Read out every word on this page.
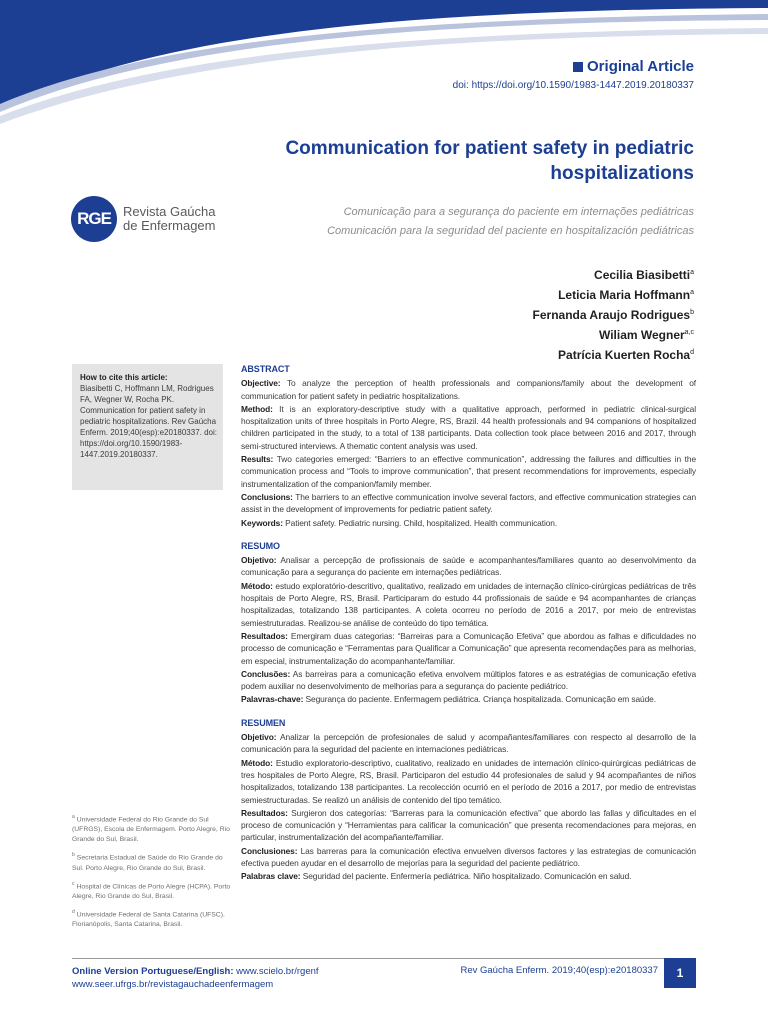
Original Article
doi: https://doi.org/10.1590/1983-1447.2019.20180337
Communication for patient safety in pediatric hospitalizations
Comunicação para a segurança do paciente em internações pediátricas
Comunicación para la seguridad del paciente en hospitalización pediátricas
RGE Revista Gaúcha
de Enfermagem
Cecilia Biasibetti$^a$
Leticia Maria Hoffmann$^a$
Fernanda Araujo Rodrigues$^b$
Wiliam Wegner$^{a,c}$
Patrícia Kuerten Rocha$^d$
How to cite this article:
Biasibetti C, Hoffmann LM, Rodrigues FA, Wegner W, Rocha PK. Communication for patient safety in pediatric hospitalizations. Rev Gaúcha Enferm. 2019;40(esp):e20180337. doi: https://doi.org/10.1590/1983-1447.2019.20180337.
ABSTRACT

Objective: To analyze the perception of health professionals and companions/family about the development of communication for patient safety in pediatric hospitalizations.

Method: It is an exploratory-descriptive study with a qualitative approach, performed in pediatric clinical-surgical hospitalization units of three hospitals in Porto Alegre, RS, Brazil. 44 health professionals and 94 companions of hospitalized children participated in the study, to a total of 138 participants. Data collection took place between 2016 and 2017, through semi-structured interviews. A thematic content analysis was used.

Results: Two categories emerged: “Barriers to an effective communication”, addressing the failures and difficulties in the communication process and “Tools to improve communication”, that present recommendations for improvements, especially instrumentalization of the companion/family member.

Conclusions: The barriers to an effective communication involve several factors, and effective communication strategies can assist in the development of improvements for pediatric patient safety.

Keywords: Patient safety. Pediatric nursing. Child, hospitalized. Health communication.

RESUMO

Objetivo: Analisar a percepção de profissionais de saúde e acompanhantes/familiares quanto ao desenvolvimento da comunicação para a segurança do paciente em internações pediátricas.

Método: estudo exploratório-descritivo, qualitativo, realizado em unidades de internação clínico-cirúrgicas pediátricas de três hospitais de Porto Alegre, RS, Brasil. Participaram do estudo 44 profissionais de saúde e 94 acompanhantes de crianças hospitalizadas, totalizando 138 participantes. A coleta ocorreu no período de 2016 a 2017, por meio de entrevistas semiestruturadas. Realizou-se análise de conteúdo do tipo temática.

Resultados: Emergiram duas categorias: “Barreiras para a Comunicação Efetiva” que abordou as falhas e dificuldades no processo de comunicação e “Ferramentas para Qualificar a Comunicação” que apresenta recomendações para as melhorias, em especial, instrumentalização do acompanhante/familiar.

Conclusões: As barreiras para a comunicação efetiva envolvem múltiplos fatores e as estratégias de comunicação efetiva podem auxiliar no desenvolvimento de melhorias para a segurança do paciente pediátrico.

Palavras-chave: Segurança do paciente. Enfermagem pediátrica. Criança hospitalizada. Comunicação em saúde.

RESUMEN

Objetivo: Analizar la percepción de profesionales de salud y acompañantes/familiares con respecto al desarrollo de la comunicación para la seguridad del paciente en internaciones pediátricas.

Método: Estudio exploratorio-descriptivo, cualitativo, realizado en unidades de internación clínico-quirúrgicas pediátricas de tres hospitales de Porto Alegre, RS, Brasil. Participaron del estudio 44 profesionales de salud y 94 acompañantes de niños hospitalizados, totalizando 138 participantes. La recolección ocurrió en el período de 2016 a 2017, por medio de entrevistas semiestructuradas. Se realizó un análisis de contenido del tipo temático.

Resultados: Surgieron dos categorías: “Barreras para la comunicación efectiva” que abordo las fallas y dificultades en el proceso de comunicación y “Herramientas para calificar la comunicación” que presenta recomendaciones para mejoras, en particular, instrumentalización del acompañante/familiar.

Conclusiones: Las barreras para la comunicación efectiva envuelven diversos factores y las estrategias de comunicación efectiva pueden ayudar en el desarrollo de mejorías para la seguridad del paciente pediátrico.

Palabras clave: Seguridad del paciente. Enfermería pediátrica. Niño hospitalizado. Comunicación en salud.

$^a$ Universidade Federal do Rio Grande do Sul (UFRGS), Escola de Enfermagem. Porto Alegre, Rio Grande do Sul, Brasil.
$^b$ Secretaria Estadual de Saúde do Rio Grande do Sul. Porto Alegre, Rio Grande do Sul, Brasil.
$^c$ Hospital de Clínicas de Porto Alegre (HCPA). Porto Alegre, Rio Grande do Sul, Brasil.
$^d$ Universidade Federal de Santa Catarina (UFSC). Florianópolis, Santa Catarina, Brasil.
Online Version Portuguese/English: www.scielo.br/rgenf
www.seer.ufrgs.br/revistagauchadeenfermagem
Rev Gaúcha Enferm. 2019;40(esp):e20180337	1
